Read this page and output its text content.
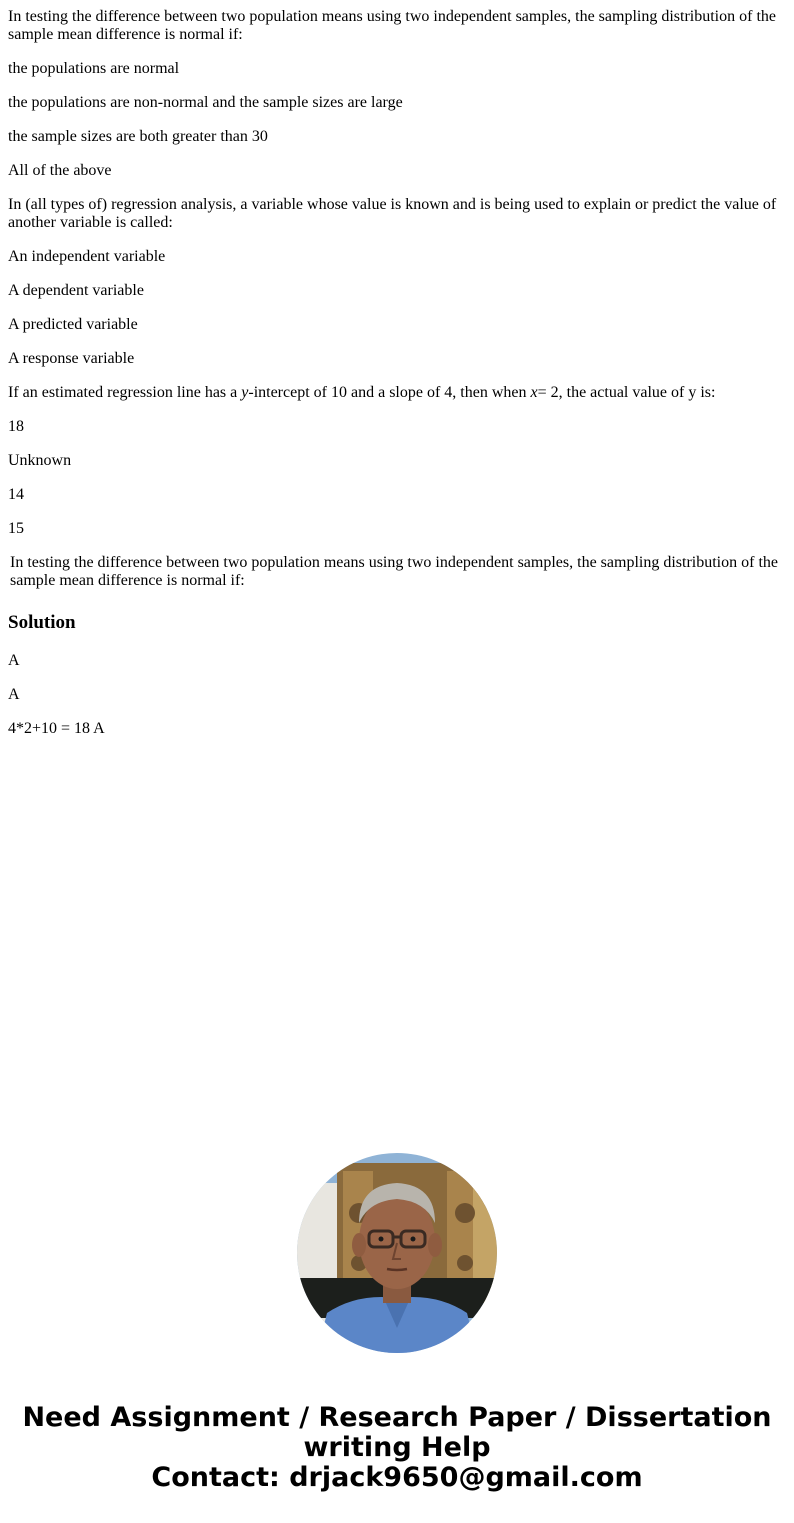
In testing the difference between two population means using two independent samples, the sampling distribution of the sample mean difference is normal if:

the populations are normal

the populations are non-normal and the sample sizes are large

the sample sizes are both greater than 30

All of the above

In (all types of) regression analysis, a variable whose value is known and is being used to explain or predict the value of another variable is called:

An independent variable

A dependent variable

A predicted variable

A response variable

If an estimated regression line has a y-intercept of 10 and a slope of 4, then when x= 2, the actual value of y is:

18

Unknown

14

15

In testing the difference between two population means using two independent samples, the sampling distribution of the sample mean difference is normal if:

Solution

A

A

4*2+10 = 18 A

Need Assignment / Research Paper / Dissertation
writing Help
Contact: drjack9650@gmail.com
